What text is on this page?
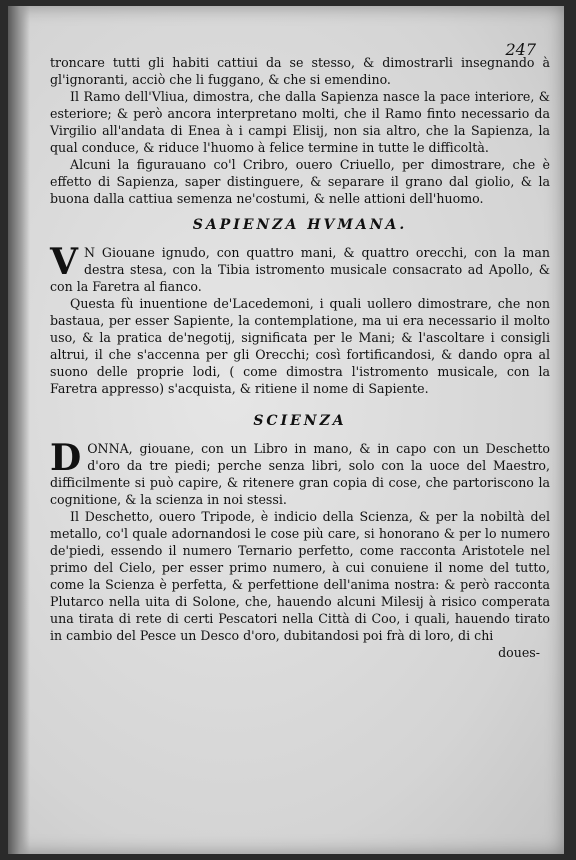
247

troncare tutti gli habiti cattiui da se stesso, & dimostrarli insegnando à gl'ignoranti, acciò che li fuggano, & che si emendino.

Il Ramo dell'Vliua, dimostra, che dalla Sapienza nasce la pace interiore, & esteriore; & però ancora interpretano molti, che il Ramo finto necessario da Virgilio all'andata di Enea à i campi Elisij, non sia altro, che la Sapienza, la qual conduce, & riduce l'huomo à felice termine in tutte le difficoltà.

Alcuni la figurauano co'l Cribro, ouero Criuello, per dimostrare, che è effetto di Sapienza, saper distinguere, & separare il grano dal giolio, & la buona dalla cattiua semenza ne'costumi, & nelle attioni dell'huomo.

SAPIENZA HVMANA.

V N Giouane ignudo, con quattro mani, & quattro orecchi, con la man destra stesa, con la Tibia istromento musicale consacrato ad Apollo, & con la Faretra al fianco.

Questa fù inuentione de'Lacedemoni, i quali uollero dimostrare, che non bastaua, per esser Sapiente, la contemplatione, ma ui era necessario il molto uso, & la pratica de'negotij, significata per le Mani; & l'ascoltare i consigli altrui, il che s'accenna per gli Orecchi; così fortificandosi, & dando opra al suono delle proprie lodi, ( come dimostra l'istromento musicale, con la Faretra appresso) s'acquista, & ritiene il nome di Sapiente.

SCIENZA

DONNA, giouane, con un Libro in mano, & in capo con un Deschetto d'oro da tre piedi; perche senza libri, solo con la uoce del Maestro, difficilmente si può capire, & ritenere gran copia di cose, che partoriscono la cognitione, & la scienza in noi stessi.

Il Deschetto, ouero Tripode, è indicio della Scienza, & per la nobiltà del metallo, co'l quale adornandosi le cose più care, si honorano & per lo numero de'piedi, essendo il numero Ternario perfetto, come racconta Aristotele nel primo del Cielo, per esser primo numero, à cui conuiene il nome del tutto, come la Scienza è perfetta, & perfettione dell'anima nostra: & però racconta Plutarco nella uita di Solone, che, hauendo alcuni Milesij à risico comperata una tirata di rete di certi Pescatori nella Città di Coo, i quali, hauendo tirato in cambio del Pesce un Desco d'oro, dubitandosi poi frà di loro, di chi

doues-
